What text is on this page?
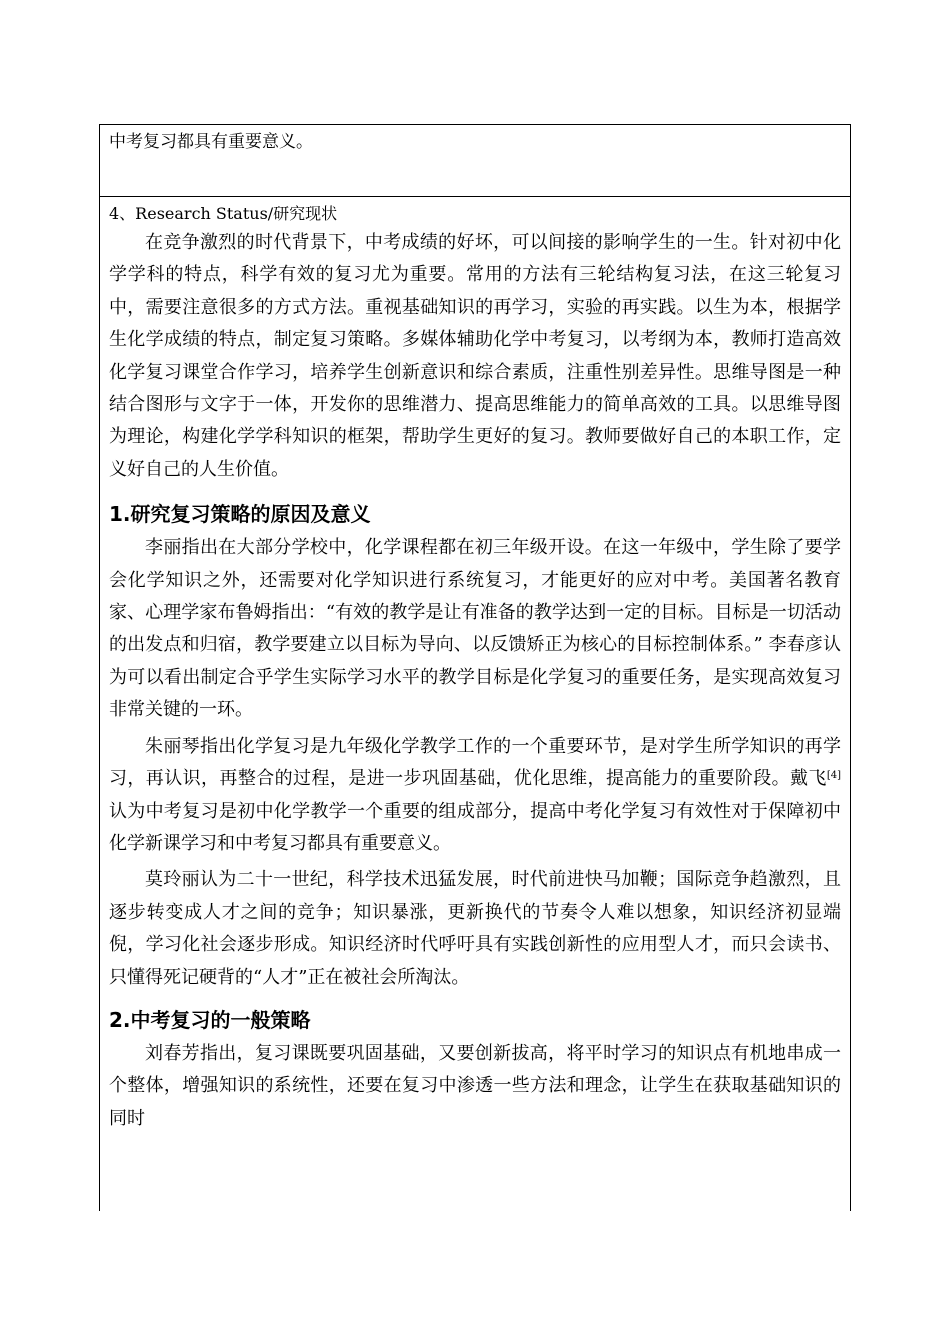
中考复习都具有重要意义。
4、Research Status/研究现状

在竞争激烈的时代背景下，中考成绩的好坏，可以间接的影响学生的一生。针对初中化学学科的特点，科学有效的复习尤为重要。常用的方法有三轮结构复习法，在这三轮复习中，需要注意很多的方式方法。重视基础知识的再学习，实验的再实践。以生为本，根据学生化学成绩的特点，制定复习策略。多媒体辅助化学中考复习，以考纲为本，教师打造高效化学复习课堂合作学习，培养学生创新意识和综合素质，注重性别差异性。思维导图是一种结合图形与文字于一体，开发你的思维潜力、提高思维能力的简单高效的工具。以思维导图为理论，构建化学学科知识的框架，帮助学生更好的复习。教师要做好自己的本职工作，定义好自己的人生价值。

1.研究复习策略的原因及意义

李丽指出在大部分学校中，化学课程都在初三年级开设。在这一年级中，学生除了要学会化学知识之外，还需要对化学知识进行系统复习，才能更好的应对中考。美国著名教育家、心理学家布鲁姆指出：“有效的教学是让有准备的教学达到一定的目标。目标是一切活动的出发点和归宿，教学要建立以目标为导向、以反馈矫正为核心的目标控制体系。” 李春彦认为可以看出制定合乎学生实际学习水平的教学目标是化学复习的重要任务，是实现高效复习非常关键的一环。

朱丽琴指出化学复习是九年级化学教学工作的一个重要环节，是对学生所学知识的再学习，再认识，再整合的过程，是进一步巩固基础，优化思维，提高能力的重要阶段。戴飞[4]认为中考复习是初中化学教学一个重要的组成部分，提高中考化学复习有效性对于保障初中化学新课学习和中考复习都具有重要意义。

莫玲丽认为二十一世纪，科学技术迅猛发展，时代前进快马加鞭；国际竞争趋激烈，且逐步转变成人才之间的竞争；知识暴涨，更新换代的节奏令人难以想象，知识经济初显端倪，学习化社会逐步形成。知识经济时代呼吁具有实践创新性的应用型人才，而只会读书、只懂得死记硬背的“人才”正在被社会所淘汰。

2.中考复习的一般策略

刘春芳指出，复习课既要巩固基础，又要创新拔高，将平时学习的知识点有机地串成一个整体，增强知识的系统性，还要在复习中渗透一些方法和理念，让学生在获取基础知识的同时
